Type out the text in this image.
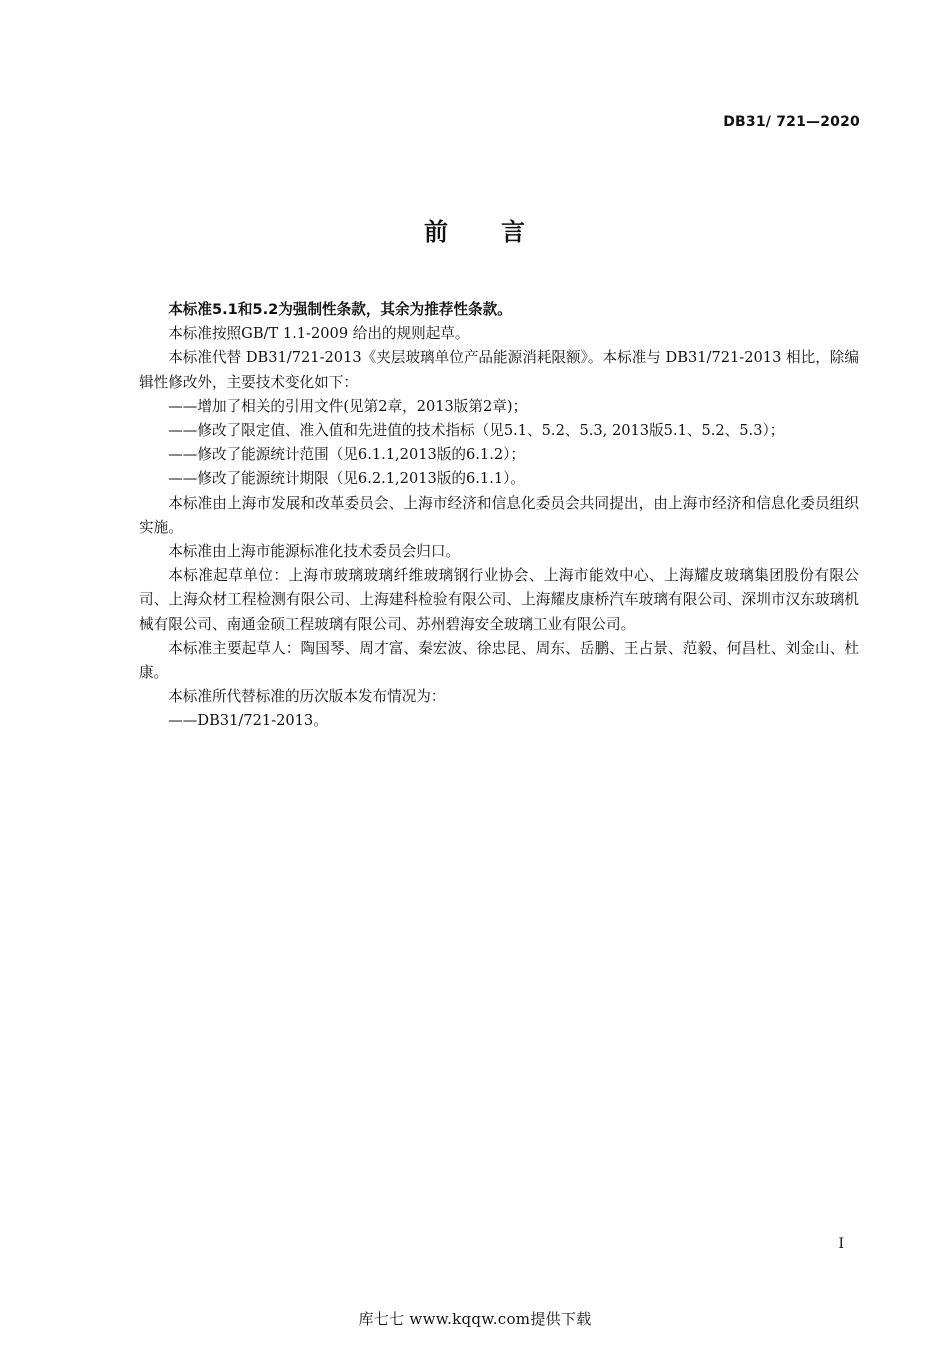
DB31/ 721—2020
前 言

本标准5.1和5.2为强制性条款，其余为推荐性条款。

本标准按照GB/T 1.1-2009 给出的规则起草。

本标准代替 DB31/721-2013《夹层玻璃单位产品能源消耗限额》。本标准与 DB31/721-2013 相比，除编辑性修改外，主要技术变化如下：

——增加了相关的引用文件(见第2章，2013版第2章)；

——修改了限定值、准入值和先进值的技术指标（见5.1、5.2、5.3, 2013版5.1、5.2、5.3）；

——修改了能源统计范围（见6.1.1,2013版的6.1.2）；

——修改了能源统计期限（见6.2.1,2013版的6.1.1）。

本标准由上海市发展和改革委员会、上海市经济和信息化委员会共同提出，由上海市经济和信息化委员组织实施。

本标准由上海市能源标准化技术委员会归口。

本标准起草单位：上海市玻璃玻璃纤维玻璃钢行业协会、上海市能效中心、上海耀皮玻璃集团股份有限公司、上海众材工程检测有限公司、上海建科检验有限公司、上海耀皮康桥汽车玻璃有限公司、深圳市汉东玻璃机械有限公司、南通金硕工程玻璃有限公司、苏州碧海安全玻璃工业有限公司。

本标准主要起草人：陶国琴、周才富、秦宏波、徐忠昆、周东、岳鹏、王占景、范毅、何昌杜、刘金山、杜康。

本标准所代替标准的历次版本发布情况为：

——DB31/721-2013。

I
库七七 www.kqqw.com提供下载
